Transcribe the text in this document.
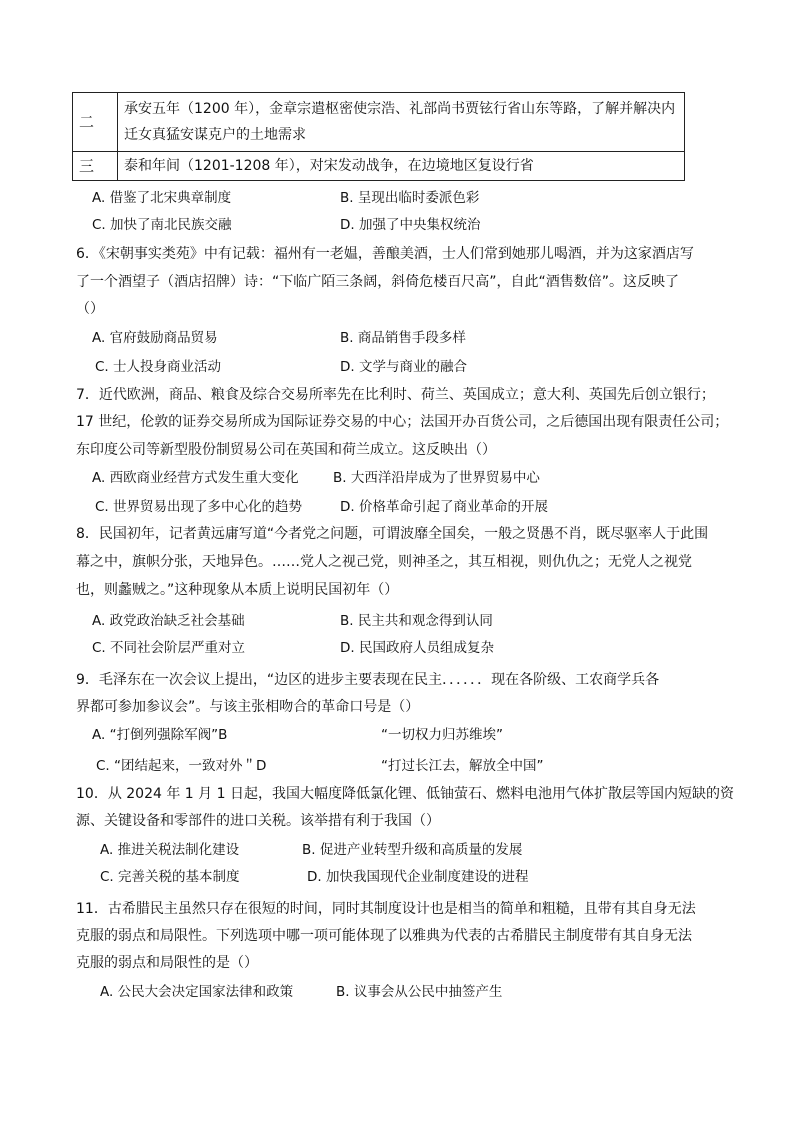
二	承安五年（1200 年），金章宗遣枢密使宗浩、礼部尚书贾铉行省山东等路，了解并解决内
迁女真猛安谋克户的土地需求

三	泰和年间（1201-1208 年），对宋发动战争，在边境地区复设行省
A. 借鉴了北宋典章制度	B. 呈现出临时委派色彩
C. 加快了南北民族交融	D. 加强了中央集权统治
6．《宋朝事实类苑》中有记载：福州有一老媪，善酿美酒，士人们常到她那儿喝酒，并为这家酒店写
了一个酒望子（酒店招牌）诗：“下临广陌三条阔，斜倚危楼百尺高”，自此“酒售数倍”。这反映了
（）
A. 官府鼓励商品贸易	B. 商品销售手段多样
C. 士人投身商业活动	D. 文学与商业的融合
7．近代欧洲，商品、粮食及综合交易所率先在比利时、荷兰、英国成立；意大利、英国先后创立银行；
17 世纪，伦敦的证券交易所成为国际证券交易的中心；法国开办百货公司，之后德国出现有限责任公司；
东印度公司等新型股份制贸易公司在英国和荷兰成立。这反映出（）
A. 西欧商业经营方式发生重大变化	B. 大西洋沿岸成为了世界贸易中心
C. 世界贸易出现了多中心化的趋势	D. 价格革命引起了商业革命的开展
8．民国初年，记者黄远庸写道“今者党之问题，可谓波靡全国矣，一般之贤愚不肖，既尽驱率人于此围
幕之中，旗帜分张，天地异色。……党人之视己党，则神圣之，其互相视，则仇仇之；无党人之视党
也，则蠡贼之。”这种现象从本质上说明民国初年（）
A. 政党政治缺乏社会基础	B. 民主共和观念得到认同
C. 不同社会阶层严重对立	D. 民国政府人员组成复杂
9．毛泽东在一次会议上提出，“边区的进步主要表现在民主．．．．．．现在各阶级、工农商学兵各
界都可参加参议会”。与该主张相吻合的革命口号是（）
A. “打倒列强除军阀”B	“一切权力归苏维埃”
C. “团结起来，一致对外＂D	“打过长江去，解放全中国”
10．从 2024 年 1 月 1 日起，我国大幅度降低氯化锂、低铀萤石、燃料电池用气体扩散层等国内短缺的资
源、关键设备和零部件的进口关税。该举措有利于我国（）
A. 推进关税法制化建设	B. 促进产业转型升级和高质量的发展
C. 完善关税的基本制度	D. 加快我国现代企业制度建设的进程
11．古希腊民主虽然只存在很短的时间，同时其制度设计也是相当的简单和粗糙，且带有其自身无法
克服的弱点和局限性。下列选项中哪一项可能体现了以雅典为代表的古希腊民主制度带有其自身无法
克服的弱点和局限性的是（）
A. 公民大会决定国家法律和政策	B. 议事会从公民中抽签产生
